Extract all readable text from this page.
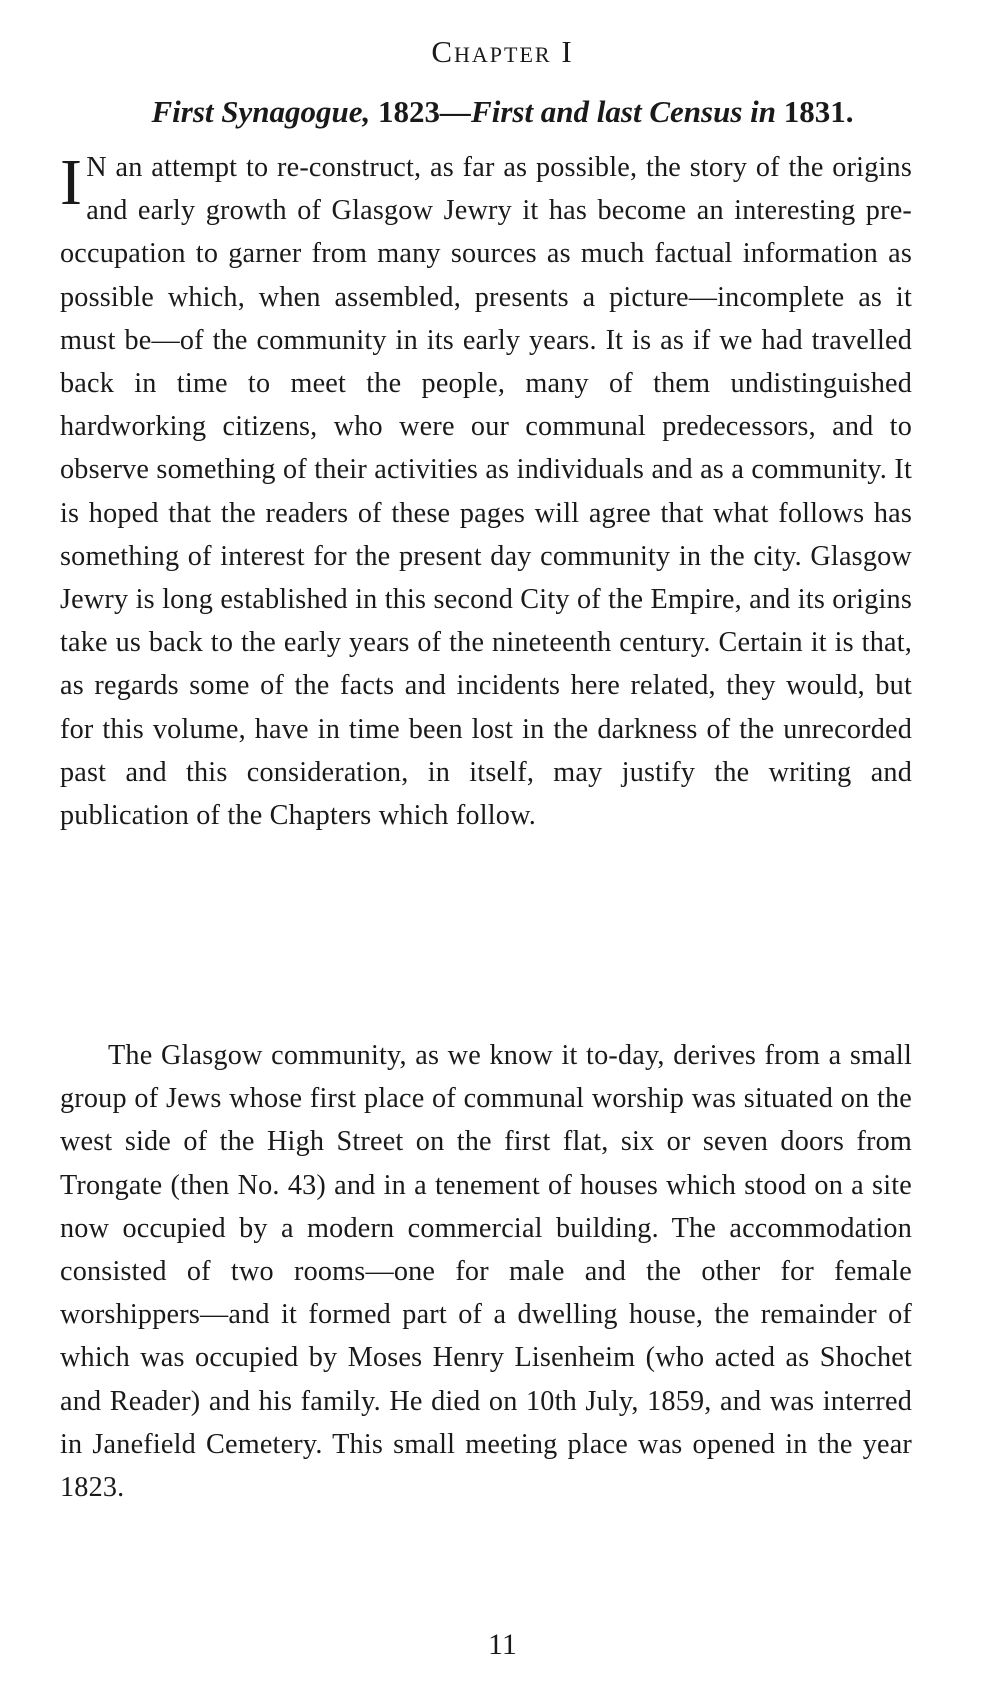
Chapter I
First Synagogue, 1823—First and last Census in 1831.

I N an attempt to re-construct, as far as possible, the story of the origins and early growth of Glasgow Jewry it has become an interesting pre-occupation to garner from many sources as much factual information as possible which, when assembled, presents a picture—incomplete as it must be—of the community in its early years. It is as if we had travelled back in time to meet the people, many of them undistinguished hardworking citizens, who were our communal predecessors, and to observe something of their activities as individuals and as a community. It is hoped that the readers of these pages will agree that what follows has something of interest for the present day community in the city. Glasgow Jewry is long established in this second City of the Empire, and its origins take us back to the early years of the nineteenth century. Certain it is that, as regards some of the facts and incidents here related, they would, but for this volume, have in time been lost in the darkness of the unrecorded past and this consideration, in itself, may justify the writing and publication of the Chapters which follow.

The Glasgow community, as we know it to-day, derives from a small group of Jews whose first place of communal worship was situated on the west side of the High Street on the first flat, six or seven doors from Trongate (then No. 43) and in a tenement of houses which stood on a site now occupied by a modern commercial building. The accommodation consisted of two rooms—one for male and the other for female worshippers—and it formed part of a dwelling house, the remainder of which was occupied by Moses Henry Lisenheim (who acted as Shochet and Reader) and his family. He died on 10th July, 1859, and was interred in Janefield Cemetery. This small meeting place was opened in the year 1823.

11
